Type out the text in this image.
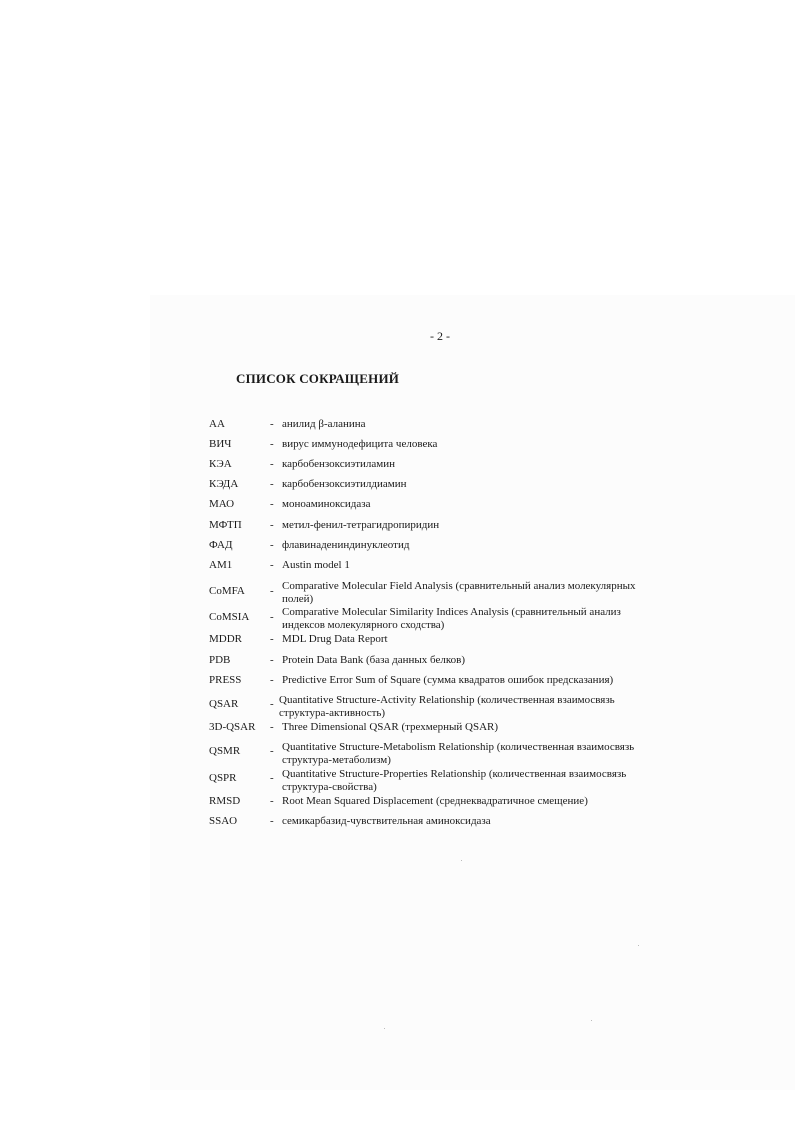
- 2 -
СПИСОК СОКРАЩЕНИЙ
АА	- анилид β-аланина
ВИЧ	- вирус иммунодефицита человека
КЭА	- карбобензоксиэтиламин
КЭДА	- карбобензоксиэтилдиамин
МАО	- моноаминоксидаза
МФТП	- метил-фенил-тетрагидропиридин
ФАД	- флавинадениндинуклеотид
AM1	- Austin model 1
CoMFA - Comparative Molecular Field Analysis (сравнительный анализ молекулярных полей)
CoMSIA - Comparative Molecular Similarity Indices Analysis (сравнительный анализ индексов молекулярного сходства)
MDDR	- MDL Drug Data Report
PDB	- Protein Data Bank (база данных белков)
PRESS	- Predictive Error Sum of Square (сумма квадратов ошибок предсказания)
QSAR	- Quantitative Structure-Activity Relationship (количественная взаимосвязь структура-активность)
3D-QSAR - Three Dimensional QSAR (трехмерный QSAR)
QSMR	- Quantitative Structure-Metabolism Relationship (количественная взаимосвязь структура-метаболизм)
QSPR	- Quantitative Structure-Properties Relationship (количественная взаимосвязь структура-свойства)
RMSD	- Root Mean Squared Displacement (среднеквадратичное смещение)
SSAO	- семикарбазид-чувствительная аминоксидаза
